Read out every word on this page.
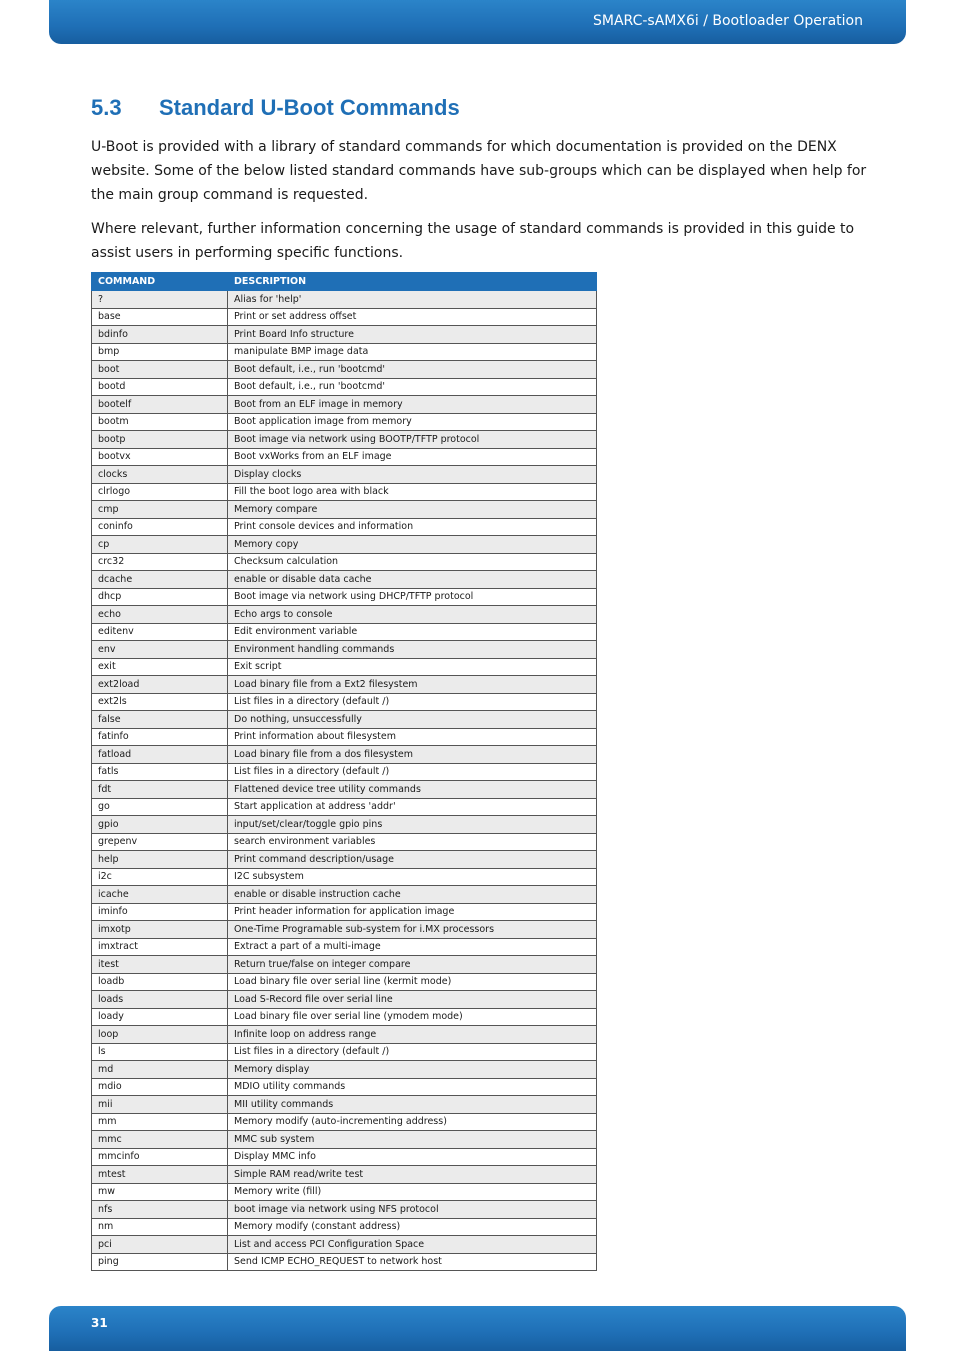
SMARC-sAMX6i / Bootloader Operation
5.3 Standard U-Boot Commands

U-Boot is provided with a library of standard commands for which documentation is provided on the DENX website. Some of the below listed standard commands have sub-groups which can be displayed when help for the main group command is requested.

Where relevant, further information concerning the usage of standard commands is provided in this guide to assist users in performing specific functions.

COMMAND	DESCRIPTION
?	Alias for 'help'
base	Print or set address offset
bdinfo	Print Board Info structure
bmp	manipulate BMP image data
boot	Boot default, i.e., run 'bootcmd'
bootd	Boot default, i.e., run 'bootcmd'
bootelf	Boot from an ELF image in memory
bootm	Boot application image from memory
bootp	Boot image via network using BOOTP/TFTP protocol
bootvx	Boot vxWorks from an ELF image
clocks	Display clocks
clrlogo	Fill the boot logo area with black
cmp	Memory compare
coninfo	Print console devices and information
cp	Memory copy
crc32	Checksum calculation
dcache	enable or disable data cache
dhcp	Boot image via network using DHCP/TFTP protocol
echo	Echo args to console
editenv	Edit environment variable
env	Environment handling commands
exit	Exit script
ext2load	Load binary file from a Ext2 filesystem
ext2ls	List files in a directory (default /)
false	Do nothing, unsuccessfully
fatinfo	Print information about filesystem
fatload	Load binary file from a dos filesystem
fatls	List files in a directory (default /)
fdt	Flattened device tree utility commands
go	Start application at address 'addr'
gpio	input/set/clear/toggle gpio pins
grepenv	search environment variables
help	Print command description/usage
i2c	I2C subsystem
icache	enable or disable instruction cache
iminfo	Print header information for application image
imxotp	One-Time Programable sub-system for i.MX processors
imxtract	Extract a part of a multi-image
itest	Return true/false on integer compare
loadb	Load binary file over serial line (kermit mode)
loads	Load S-Record file over serial line
loady	Load binary file over serial line (ymodem mode)
loop	Infinite loop on address range
ls	List files in a directory (default /)
md	Memory display
mdio	MDIO utility commands
mii	MII utility commands
mm	Memory modify (auto-incrementing address)
mmc	MMC sub system
mmcinfo	Display MMC info
mtest	Simple RAM read/write test
mw	Memory write (fill)
nfs	boot image via network using NFS protocol
nm	Memory modify (constant address)
pci	List and access PCI Configuration Space
ping	Send ICMP ECHO_REQUEST to network host
31
